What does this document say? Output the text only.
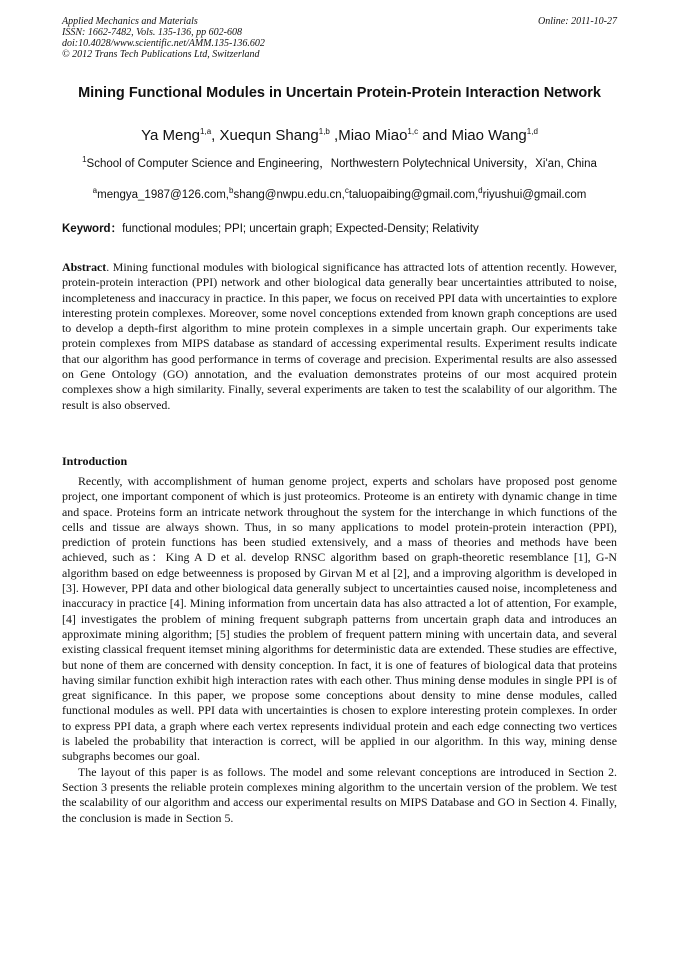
Applied Mechanics and Materials
ISSN: 1662-7482, Vols. 135-136, pp 602-608
doi:10.4028/www.scientific.net/AMM.135-136.602
© 2012 Trans Tech Publications Ltd, Switzerland
Online: 2011-10-27
Mining Functional Modules in Uncertain Protein-Protein Interaction Network
Ya Meng$^{1,a}$, Xuequn Shang$^{1,b}$ ,Miao Miao$^{1,c}$ and Miao Wang$^{1,d}$
$^1$School of Computer Science and Engineering，Northwestern Polytechnical University，Xi'an, China
$^a$mengya_1987@126.com,$^b$shang@nwpu.edu.cn,$^c$taluopaibing@gmail.com,$^d$riyushui@gmail.com
Keyword：functional modules; PPI; uncertain graph; Expected-Density; Relativity
Abstract. Mining functional modules with biological significance has attracted lots of attention recently. However, protein-protein interaction (PPI) network and other biological data generally bear uncertainties attributed to noise, incompleteness and inaccuracy in practice. In this paper, we focus on received PPI data with uncertainties to explore interesting protein complexes. Moreover, some novel conceptions extended from known graph conceptions are used to develop a depth-first algorithm to mine protein complexes in a simple uncertain graph. Our experiments take protein complexes from MIPS database as standard of accessing experimental results. Experiment results indicate that our algorithm has good performance in terms of coverage and precision. Experimental results are also assessed on Gene Ontology (GO) annotation, and the evaluation demonstrates proteins of our most acquired protein complexes show a high similarity. Finally, several experiments are taken to test the scalability of our algorithm. The result is also observed.
Introduction

Recently, with accomplishment of human genome project, experts and scholars have proposed post genome project, one important component of which is just proteomics. Proteome is an entirety with dynamic change in time and space. Proteins form an intricate network throughout the system for the interchange in which functions of the cells and tissue are always shown. Thus, in so many applications to model protein-protein interaction (PPI), prediction of protein functions has been studied extensively, and a mass of theories and methods have been achieved, such as：King A D et al. develop RNSC algorithm based on graph-theoretic resemblance [1], G-N algorithm based on edge betweenness is proposed by Girvan M et al [2], and a improving algorithm is developed in [3]. However, PPI data and other biological data generally subject to uncertainties caused noise, incompleteness and inaccuracy in practice [4]. Mining information from uncertain data has also attracted a lot of attention, For example, [4] investigates the problem of mining frequent subgraph patterns from uncertain graph data and introduces an approximate mining algorithm; [5] studies the problem of frequent pattern mining with uncertain data, and several existing classical frequent itemset mining algorithms for deterministic data are extended. These studies are effective, but none of them are concerned with density conception. In fact, it is one of features of biological data that proteins having similar function exhibit high interaction rates with each other. Thus mining dense modules in single PPI is of great significance. In this paper, we propose some conceptions about density to mine dense modules, called functional modules as well. PPI data with uncertainties is chosen to explore interesting protein complexes. In order to express PPI data, a graph where each vertex represents individual protein and each edge connecting two vertices is labeled the probability that interaction is correct, will be applied in our algorithm. In this way, mining dense subgraphs becomes our goal.

The layout of this paper is as follows. The model and some relevant conceptions are introduced in Section 2. Section 3 presents the reliable protein complexes mining algorithm to the uncertain version of the problem. We test the scalability of our algorithm and access our experimental results on MIPS Database and GO in Section 4. Finally, the conclusion is made in Section 5.
